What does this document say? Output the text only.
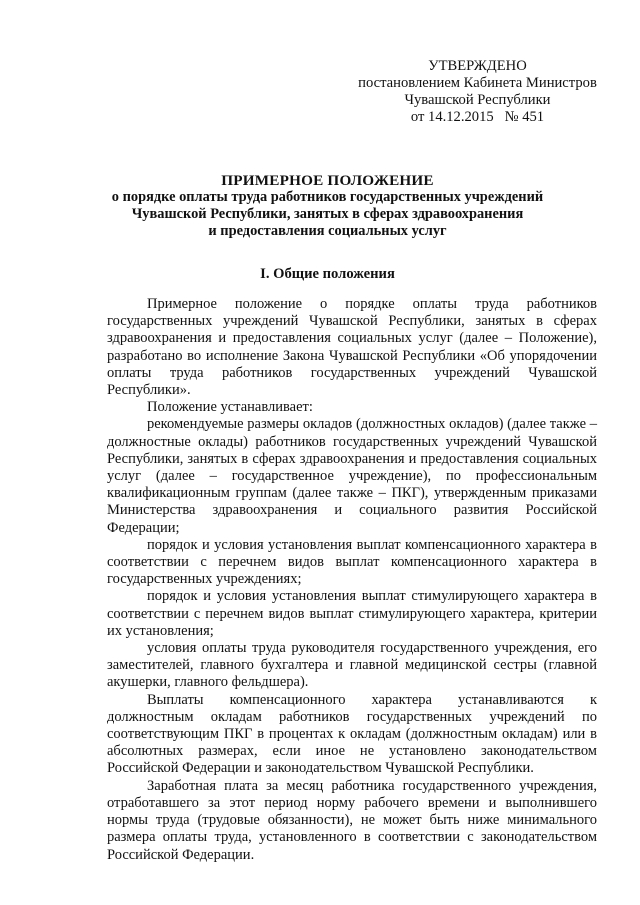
УТВЕРЖДЕНО
постановлением Кабинета Министров
Чувашской Республики
от 14.12.2015   № 451
ПРИМЕРНОЕ ПОЛОЖЕНИЕ
о порядке оплаты труда работников государственных учреждений
Чувашской Республики, занятых в сферах здравоохранения
и предоставления социальных услуг
I. Общие положения

Примерное положение о порядке оплаты труда работников государственных учреждений Чувашской Республики, занятых в сферах здравоохранения и предоставления социальных услуг (далее – Положение), разработано во исполнение Закона Чувашской Республики «Об упорядочении оплаты труда работников государственных учреждений Чувашской Республики».

Положение устанавливает:

рекомендуемые размеры окладов (должностных окладов) (далее также – должностные оклады) работников государственных учреждений Чувашской Республики, занятых в сферах здравоохранения и предоставления социальных услуг (далее – государственное учреждение), по профессиональным квалификационным группам (далее также – ПКГ), утвержденным приказами Министерства здравоохранения и социального развития Российской Федерации;

порядок и условия установления выплат компенсационного характера в соответствии с перечнем видов выплат компенсационного характера в государственных учреждениях;

порядок и условия установления выплат стимулирующего характера в соответствии с перечнем видов выплат стимулирующего характера, критерии их установления;

условия оплаты труда руководителя государственного учреждения, его заместителей, главного бухгалтера и главной медицинской сестры (главной акушерки, главного фельдшера).

Выплаты компенсационного характера устанавливаются к должностным окладам работников государственных учреждений по соответствующим ПКГ в процентах к окладам (должностным окладам) или в абсолютных размерах, если иное не установлено законодательством Российской Федерации и законодательством Чувашской Республики.

Заработная плата за месяц работника государственного учреждения, отработавшего за этот период норму рабочего времени и выполнившего нормы труда (трудовые обязанности), не может быть ниже минимального размера оплаты труда, установленного в соответствии с законодательством Российской Федерации.
